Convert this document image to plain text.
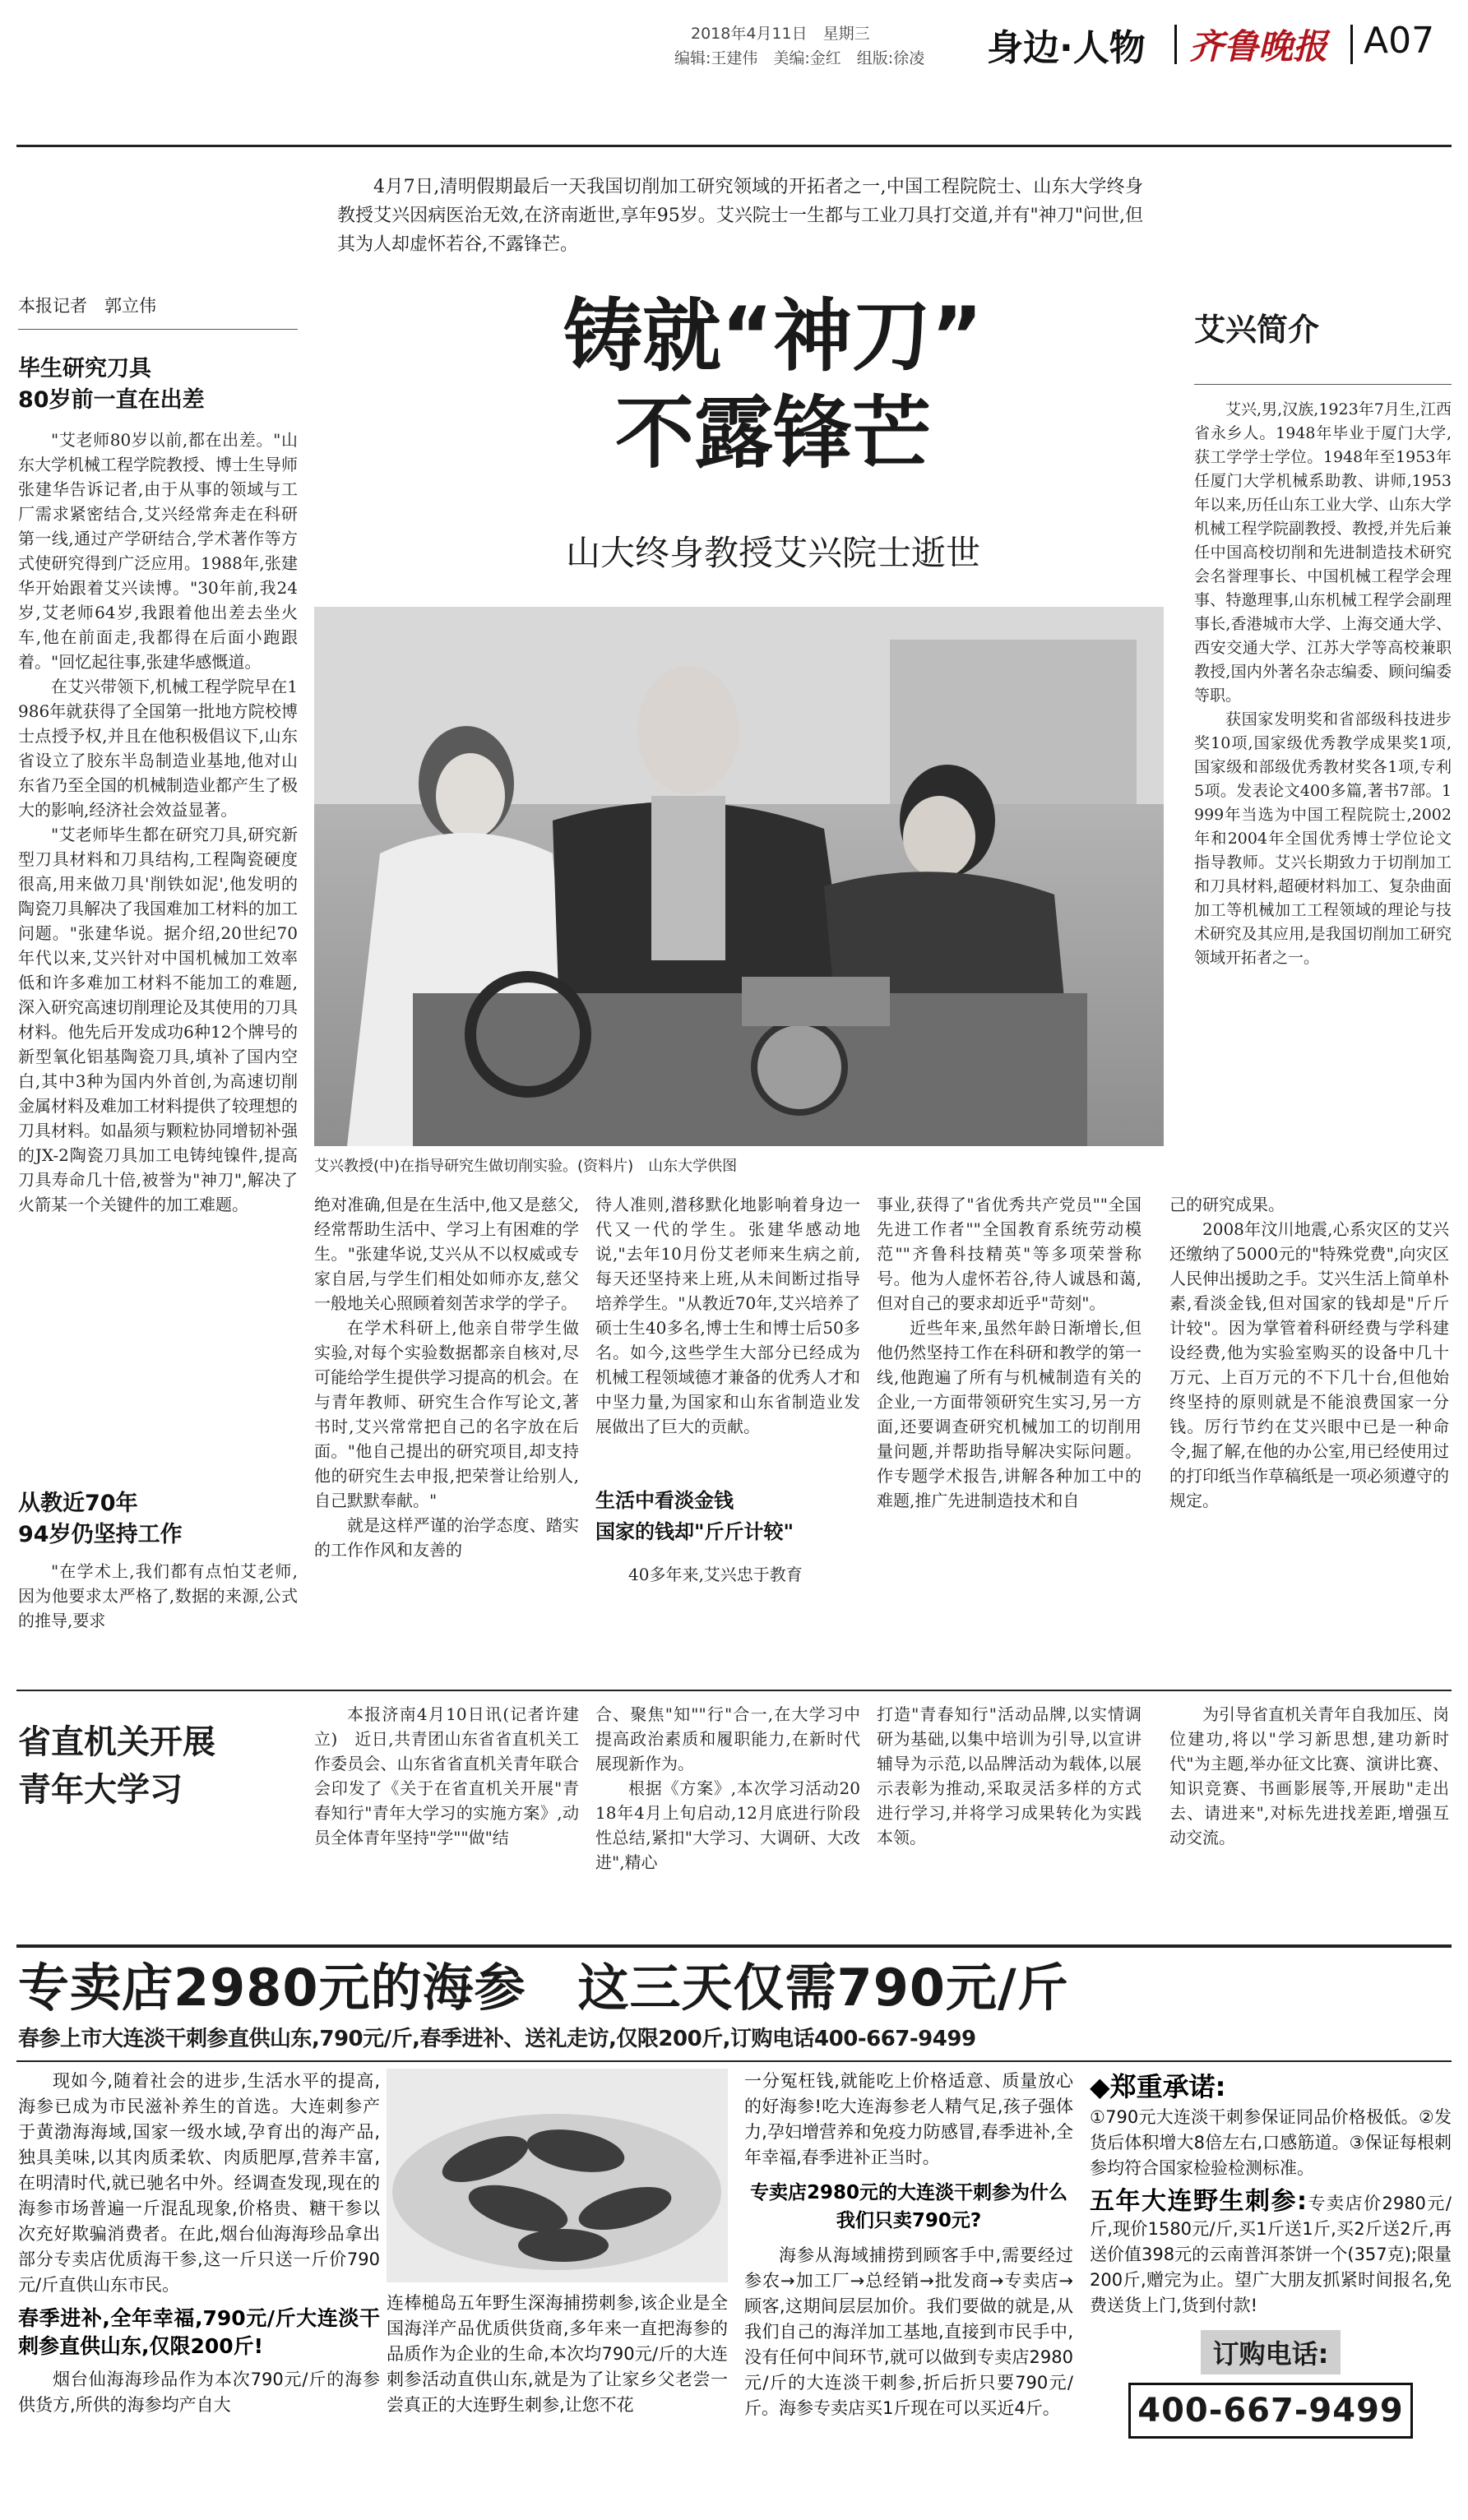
2018年4月11日　星期三
编辑:王建伟　美编:金红　组版:徐凌 身边·人物 齐鲁晚报 A07
4月7日,清明假期最后一天我国切削加工研究领域的开拓者之一,中国工程院院士、山东大学终身教授艾兴因病医治无效,在济南逝世,享年95岁。艾兴院士一生都与工业刀具打交道,并有"神刀"问世,但其为人却虚怀若谷,不露锋芒。
本报记者　郭立伟
毕生研究刀具
80岁前一直在出差
铸就“神刀”
不露锋芒
山大终身教授艾兴院士逝世
艾兴教授(中)在指导研究生做切削实验。(资料片)　山东大学供图

"艾老师80岁以前,都在出差。"山东大学机械工程学院教授、博士生导师张建华告诉记者,由于从事的领域与工厂需求紧密结合,艾兴经常奔走在科研第一线,通过产学研结合,学术著作等方式使研究得到广泛应用。1988年,张建华开始跟着艾兴读博。"30年前,我24岁,艾老师64岁,我跟着他出差去坐火车,他在前面走,我都得在后面小跑跟着。"回忆起往事,张建华感慨道。

在艾兴带领下,机械工程学院早在1986年就获得了全国第一批地方院校博士点授予权,并且在他积极倡议下,山东省设立了胶东半岛制造业基地,他对山东省乃至全国的机械制造业都产生了极大的影响,经济社会效益显著。

"艾老师毕生都在研究刀具,研究新型刀具材料和刀具结构,工程陶瓷硬度很高,用来做刀具'削铁如泥',他发明的陶瓷刀具解决了我国难加工材料的加工问题。"张建华说。据介绍,20世纪70年代以来,艾兴针对中国机械加工效率低和许多难加工材料不能加工的难题,深入研究高速切削理论及其使用的刀具材料。他先后开发成功6种12个牌号的新型氧化铝基陶瓷刀具,填补了国内空白,其中3种为国内外首创,为高速切削金属材料及难加工材料提供了较理想的刀具材料。如晶须与颗粒协同增韧补强的JX-2陶瓷刀具加工电铸纯镍件,提高刀具寿命几十倍,被誉为"神刀",解决了火箭某一个关键件的加工难题。

从教近70年
94岁仍坚持工作

"在学术上,我们都有点怕艾老师,因为他要求太严格了,数据的来源,公式的推导,要求

绝对准确,但是在生活中,他又是慈父,经常帮助生活中、学习上有困难的学生。"张建华说,艾兴从不以权威或专家自居,与学生们相处如师亦友,慈父一般地关心照顾着刻苦求学的学子。

在学术科研上,他亲自带学生做实验,对每个实验数据都亲自核对,尽可能给学生提供学习提高的机会。在与青年教师、研究生合作写论文,著书时,艾兴常常把自己的名字放在后面。"他自己提出的研究项目,却支持他的研究生去申报,把荣誉让给别人,自己默默奉献。"

就是这样严谨的治学态度、踏实的工作作风和友善的

待人准则,潜移默化地影响着身边一代又一代的学生。张建华感动地说,"去年10月份艾老师来生病之前,每天还坚持来上班,从未间断过指导培养学生。"从教近70年,艾兴培养了硕士生40多名,博士生和博士后50多名。如今,这些学生大部分已经成为机械工程领域德才兼备的优秀人才和中坚力量,为国家和山东省制造业发展做出了巨大的贡献。

生活中看淡金钱
国家的钱却"斤斤计较"

40多年来,艾兴忠于教育

事业,获得了"省优秀共产党员""全国先进工作者""全国教育系统劳动模范""齐鲁科技精英"等多项荣誉称号。他为人虚怀若谷,待人诚恳和蔼,但对自己的要求却近乎"苛刻"。

近些年来,虽然年龄日渐增长,但他仍然坚持工作在科研和教学的第一线,他跑遍了所有与机械制造有关的企业,一方面带领研究生实习,另一方面,还要调查研究机械加工的切削用量问题,并帮助指导解决实际问题。作专题学术报告,讲解各种加工中的难题,推广先进制造技术和自

己的研究成果。

2008年汶川地震,心系灾区的艾兴还缴纳了5000元的"特殊党费",向灾区人民伸出援助之手。艾兴生活上简单朴素,看淡金钱,但对国家的钱却是"斤斤计较"。因为掌管着科研经费与学科建设经费,他为实验室购买的设备中几十万元、上百万元的不下几十台,但他始终坚持的原则就是不能浪费国家一分钱。厉行节约在艾兴眼中已是一种命令,掘了解,在他的办公室,用已经使用过的打印纸当作草稿纸是一项必须遵守的规定。

艾兴简介

艾兴,男,汉族,1923年7月生,江西省永乡人。1948年毕业于厦门大学,获工学学士学位。1948年至1953年任厦门大学机械系助教、讲师,1953年以来,历任山东工业大学、山东大学机械工程学院副教授、教授,并先后兼任中国高校切削和先进制造技术研究会名誉理事长、中国机械工程学会理事、特邀理事,山东机械工程学会副理事长,香港城市大学、上海交通大学、西安交通大学、江苏大学等高校兼职教授,国内外著名杂志编委、顾问编委等职。

获国家发明奖和省部级科技进步奖10项,国家级优秀教学成果奖1项,国家级和部级优秀教材奖各1项,专利5项。发表论文400多篇,著书7部。1999年当选为中国工程院院士,2002年和2004年全国优秀博士学位论文指导教师。艾兴长期致力于切削加工和刀具材料,超硬材料加工、复杂曲面加工等机械加工工程领域的理论与技术研究及其应用,是我国切削加工研究领域开拓者之一。

省直机关开展
青年大学习

本报济南4月10日讯(记者许建立)　近日,共青团山东省省直机关工作委员会、山东省省直机关青年联合会印发了《关于在省直机关开展"青春知行"青年大学习的实施方案》,动员全体青年坚持"学""做"结

合、聚焦"知""行"合一,在大学习中提高政治素质和履职能力,在新时代展现新作为。

根据《方案》,本次学习活动2018年4月上旬启动,12月底进行阶段性总结,紧扣"大学习、大调研、大改进",精心

打造"青春知行"活动品牌,以实情调研为基础,以集中培训为引导,以宣讲辅导为示范,以品牌活动为载体,以展示表彰为推动,采取灵活多样的方式进行学习,并将学习成果转化为实践本领。

为引导省直机关青年自我加压、岗位建功,将以"学习新思想,建功新时代"为主题,举办征文比赛、演讲比赛、知识竞赛、书画影展等,开展助"走出去、请进来",对标先进找差距,增强互动交流。

专卖店2980元的海参　这三天仅需790元/斤
春参上市大连淡干刺参直供山东,790元/斤,春季进补、送礼走访,仅限200斤,订购电话400-667-9499

现如今,随着社会的进步,生活水平的提高,海参已成为市民滋补养生的首选。大连刺参产于黄渤海海域,国家一级水域,孕育出的海产品,独具美味,以其肉质柔软、肉质肥厚,营养丰富,在明清时代,就已驰名中外。经调查发现,现在的海参市场普遍一斤混乱现象,价格贵、糖干参以次充好欺骗消费者。在此,烟台仙海海珍品拿出部分专卖店优质海干参,这一斤只送一斤价790元/斤直供山东市民。

春季进补,全年幸福,790元/斤大连淡干刺参直供山东,仅限200斤!

烟台仙海海珍品作为本次790元/斤的海参供货方,所供的海参均产自大

连棒槌岛五年野生深海捕捞刺参,该企业是全国海洋产品优质供货商,多年来一直把海参的品质作为企业的生命,本次均790元/斤的大连刺参活动直供山东,就是为了让家乡父老尝一尝真正的大连野生刺参,让您不花

一分冤枉钱,就能吃上价格适意、质量放心的好海参!吃大连海参老人精气足,孩子强体力,孕妇增营养和免疫力防感冒,春季进补,全年幸福,春季进补正当时。

专卖店2980元的大连淡干刺参为什么我们只卖790元?

海参从海域捕捞到顾客手中,需要经过参农→加工厂→总经销→批发商→专卖店→顾客,这期间层层加价。我们要做的就是,从我们自己的海洋加工基地,直接到市民手中,没有任何中间环节,就可以做到专卖店2980元/斤的大连淡干刺参,折后折只要790元/斤。海参专卖店买1斤现在可以买近4斤。

◆郑重承诺:
①790元大连淡干刺参保证同品价格极低。②发货后体积增大8倍左右,口感筋道。③保证每根刺参均符合国家检验检测标准。
五年大连野生刺参:专卖店价2980元/斤,现价1580元/斤,买1斤送1斤,买2斤送2斤,再送价值398元的云南普洱茶饼一个(357克);限量200斤,赠完为止。望广大朋友抓紧时间报名,免费送货上门,货到付款!
订购电话:
400-667-9499
